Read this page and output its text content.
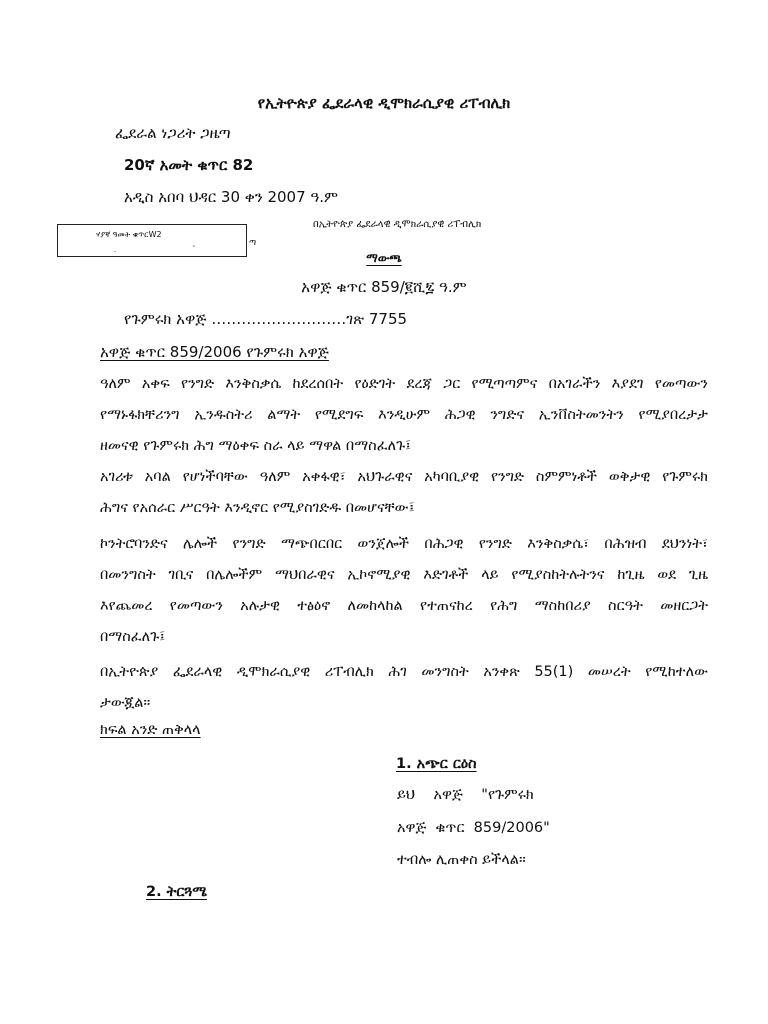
የኢትዮጵያ ፌደራላዊ ዲሞክራሲያዊ ሪፐብሊክ
ፌደራል ነጋሪት ጋዜጣ
20ኛ አመት ቁጥር 82
አዲስ አበባ ህዳር 30 ቀን 2007 ዓ.ም
በኢትዮጵያ ፌደራላዊ ዲሞክራሲያዊ ሪፐብሊክ
ሃያኛ ዓመት ቁጥርW2
.	˘
ጣ
ማውጫ
አዋጅ ቁጥር 859/፪ሺ፯ ዓ.ም
የጉምሩክ አዋጅ ………………………ገጽ 7755
አዋጅ ቁጥር 859/2006 የጉምሩክ አዋጅ
ዓለም አቀፍ የንግድ እንቅስቃሴ ከደረሰበት የዕድገት ደረጃ ጋር የሚጣጣምና በአገራችን እያደገ የመጣውን
የማኑፋክቸሪንግ ኢንዱስትሪ ልማት የሚደግፍ እንዲሁም ሕጋዊ ንግድና ኢንቨስትመንትን የሚያበረታታ
ዘመናዊ የጉምሩክ ሕግ ማዕቀፍ ስራ ላይ ማዋል በማስፈለጉ፤
አገሪቱ አባል የሆነችባቸው ዓለም አቀፋዊ፣ አህጉራዊና አካባቢያዊ የንግድ ስምምነቶች ወቅታዊ የጉምሩክ
ሕግና የአሰራር ሥርዓት እንዲኖር የሚያስገድዱ በመሆናቸው፤
ኮንትሮባንድና ሌሎች የንግድ ማጭበርበር ወንጀሎች በሕጋዊ የንግድ እንቅስቃሴ፣ በሕዝብ ደህንነት፣
በመንግስት ገቢና በሌሎችም ማህበራዊና ኢኮኖሚያዊ እድገቶች ላይ የሚያስከትሉትንና ከጊዜ ወደ ጊዜ
እየጨመረ የመጣውን አሉታዊ ተፅዕኖ ለመከላከል የተጠናከረ የሕግ ማስከበሪያ ስርዓት መዘርጋት
በማስፈለጉ፤
በኢትዮጵያ ፌደራላዊ ዲሞክራሲያዊ ሪፐብሊክ ሕገ መንግስት አንቀጽ 55(1) መሠረት የሚከተለው
ታውጇል።
ክፍል አንድ ጠቅላላ
1. አጭር ርዕስ
ይህ    አዋጅ    "የጉምሩክ
አዋጅ  ቁጥር  859/2006"
ተብሎ ሊጠቀስ ይችላል።
2. ትርጓሜ
